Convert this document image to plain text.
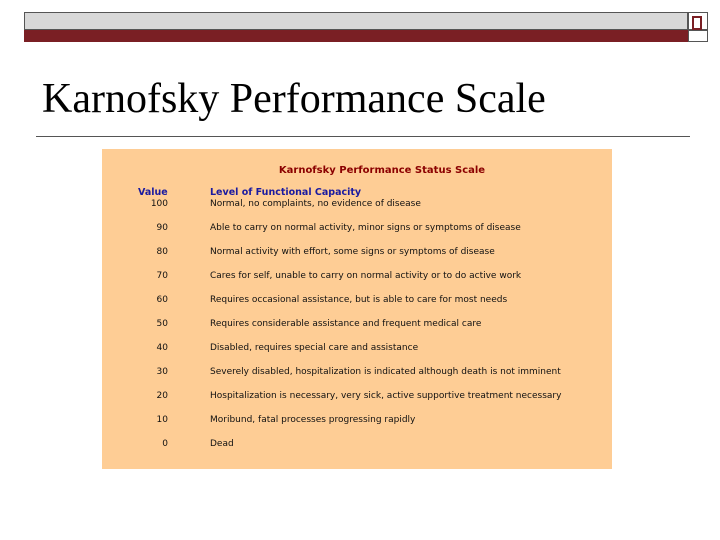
Karnofsky Performance Scale
Karnofsky Performance Status Scale
Value	Level of Functional Capacity
100	Normal, no complaints, no evidence of disease
90	Able to carry on normal activity, minor signs or symptoms of disease
80	Normal activity with effort, some signs or symptoms of disease
70	Cares for self, unable to carry on normal activity or to do active work
60	Requires occasional assistance, but is able to care for most needs
50	Requires considerable assistance and frequent medical care
40	Disabled, requires special care and assistance
30	Severely disabled, hospitalization is indicated although death is not imminent
20	Hospitalization is necessary, very sick, active supportive treatment necessary
10	Moribund, fatal processes progressing rapidly
0	Dead
